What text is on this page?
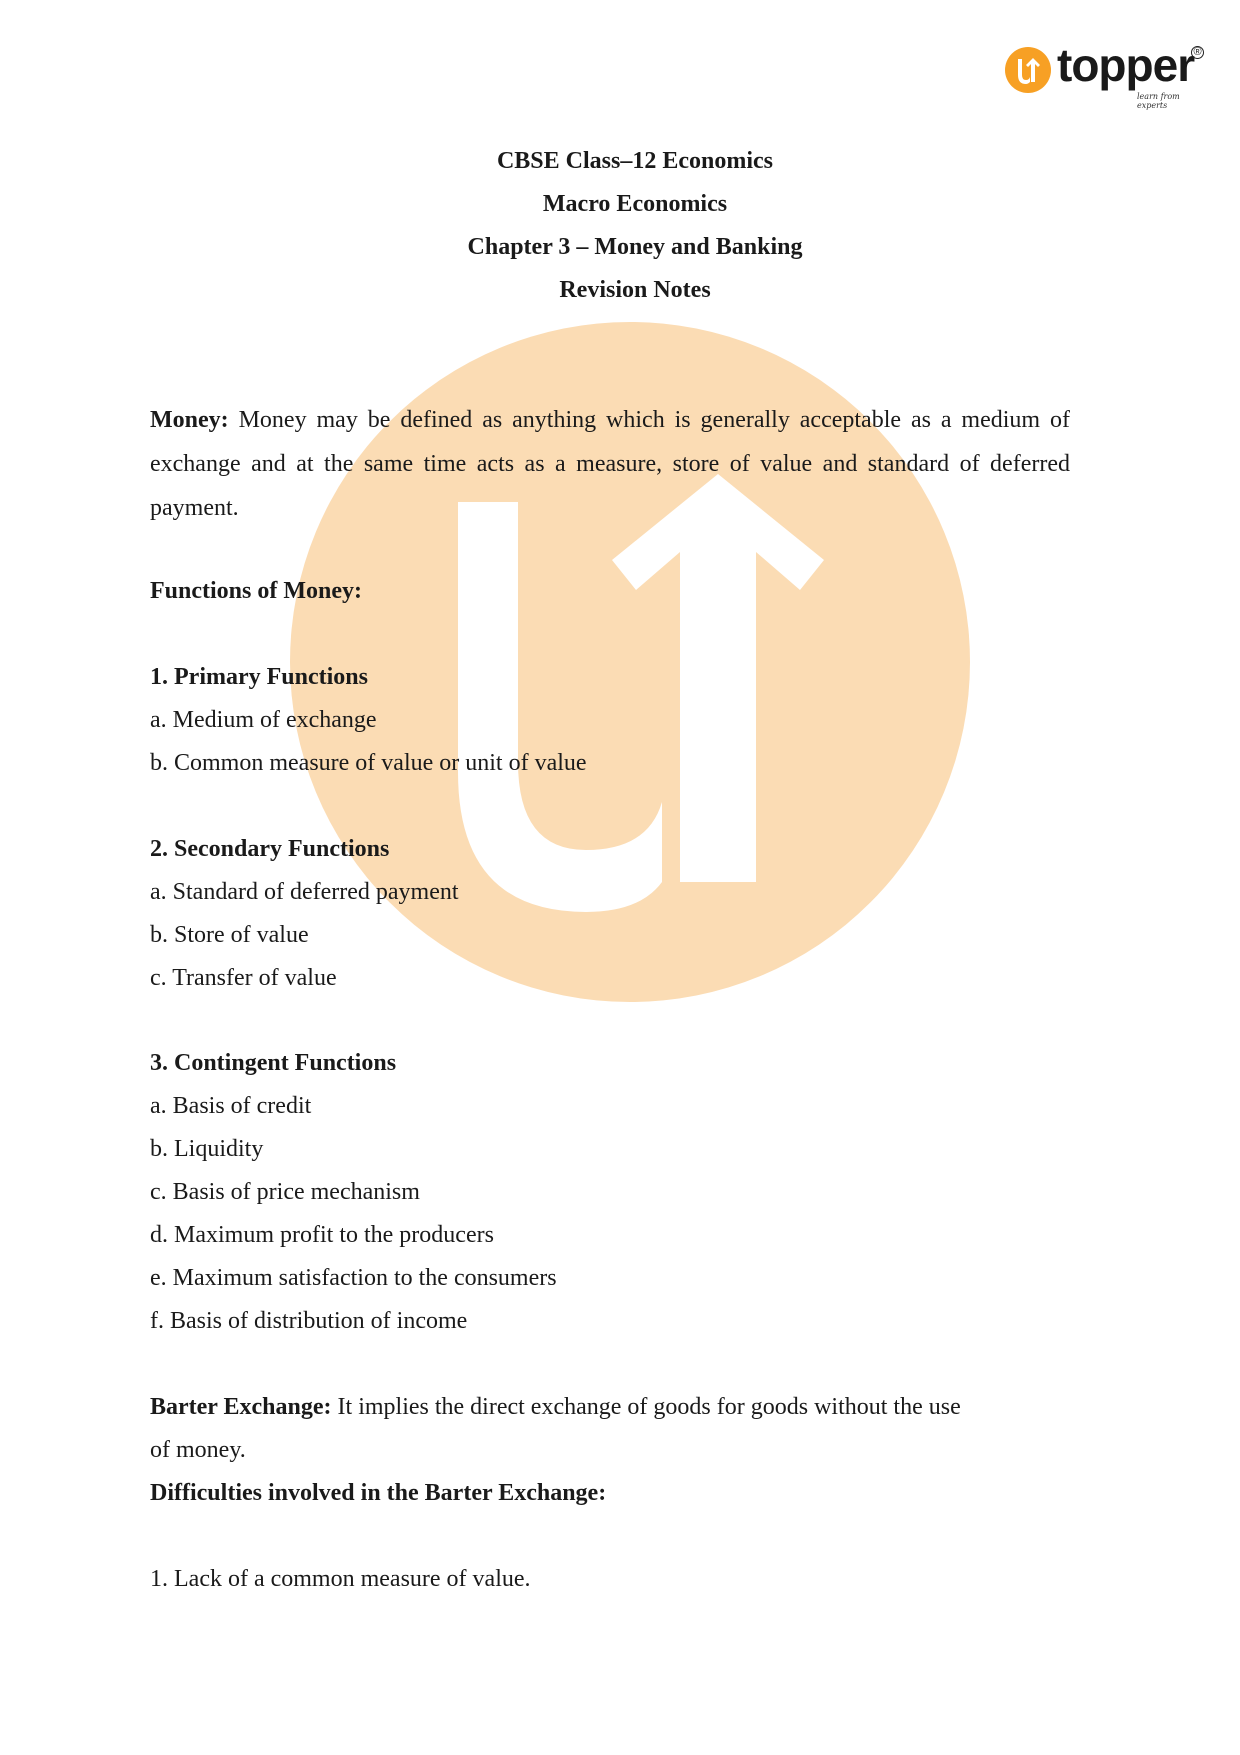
topper ®
learn from experts

CBSE Class–12 Economics

Macro Economics

Chapter 3 – Money and Banking

Revision Notes

Money: Money may be defined as anything which is generally acceptable as a medium of exchange and at the same time acts as a measure, store of value and standard of deferred payment.

Functions of Money:

1. Primary Functions

a. Medium of exchange

b. Common measure of value or unit of value

2. Secondary Functions

a. Standard of deferred payment

b. Store of value

c. Transfer of value

3. Contingent Functions

a. Basis of credit

b. Liquidity

c. Basis of price mechanism

d. Maximum profit to the producers

e. Maximum satisfaction to the consumers

f. Basis of distribution of income

Barter Exchange: It implies the direct exchange of goods for goods without the use

of money.

Difficulties involved in the Barter Exchange:

1. Lack of a common measure of value.
